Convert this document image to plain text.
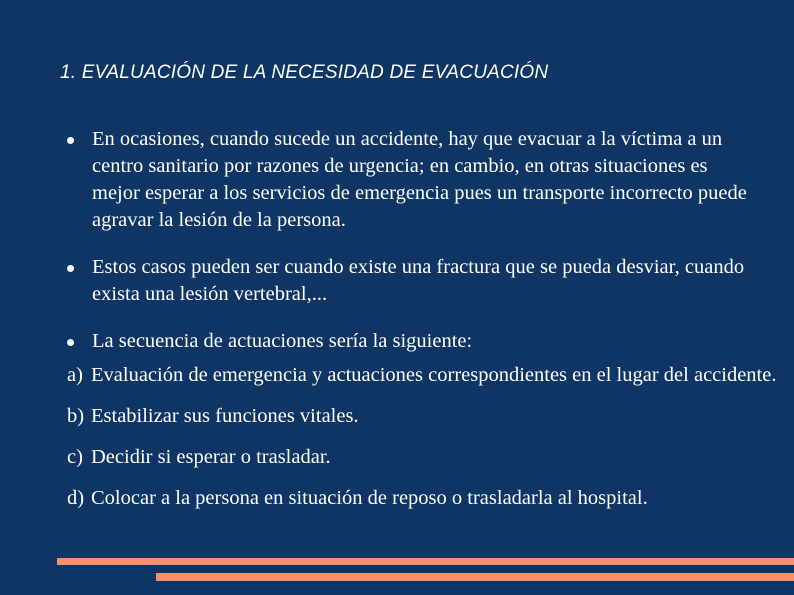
1. EVALUACIÓN DE LA NECESIDAD DE EVACUACIÓN
En ocasiones, cuando sucede un accidente, hay que evacuar a la víctima a un centro sanitario por razones de urgencia; en cambio, en otras situaciones es mejor esperar a los servicios de emergencia pues un transporte incorrecto puede agravar la lesión de la persona.
Estos casos pueden ser cuando existe una fractura que se pueda desviar, cuando exista una lesión vertebral,...
La secuencia de actuaciones sería la siguiente:
a) Evaluación de emergencia y actuaciones correspondientes en el lugar del accidente.
b) Estabilizar sus funciones vitales.
c) Decidir si esperar o trasladar.
d) Colocar a la persona en situación de reposo o trasladarla al hospital.
